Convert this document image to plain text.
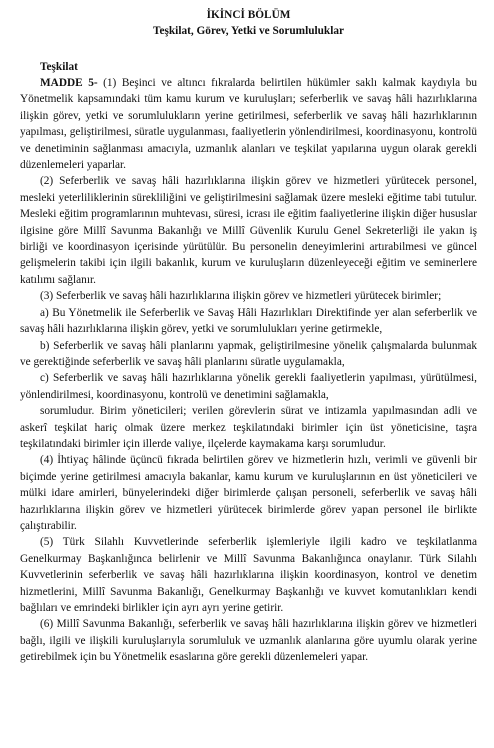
İKİNCİ BÖLÜM

Teşkilat, Görev, Yetki ve Sorumluluklar

Teşkilat

MADDE 5- (1) Beşinci ve altıncı fıkralarda belirtilen hükümler saklı kalmak kaydıyla bu Yönetmelik kapsamındaki tüm kamu kurum ve kuruluşları; seferberlik ve savaş hâli hazırlıklarına ilişkin görev, yetki ve sorumlulukların yerine getirilmesi, seferberlik ve savaş hâli hazırlıklarının yapılması, geliştirilmesi, süratle uygulanması, faaliyetlerin yönlendirilmesi, koordinasyonu, kontrolü ve denetiminin sağlanması amacıyla, uzmanlık alanları ve teşkilat yapılarına uygun olarak gerekli düzenlemeleri yaparlar.

(2) Seferberlik ve savaş hâli hazırlıklarına ilişkin görev ve hizmetleri yürütecek personel, mesleki yeterliliklerinin sürekliliğini ve geliştirilmesini sağlamak üzere mesleki eğitime tabi tutulur. Mesleki eğitim programlarının muhtevası, süresi, icrası ile eğitim faaliyetlerine ilişkin diğer hususlar ilgisine göre Millî Savunma Bakanlığı ve Millî Güvenlik Kurulu Genel Sekreterliği ile yakın iş birliği ve koordinasyon içerisinde yürütülür. Bu personelin deneyimlerini artırabilmesi ve güncel gelişmelerin takibi için ilgili bakanlık, kurum ve kuruluşların düzenleyeceği eğitim ve seminerlere katılımı sağlanır.

(3) Seferberlik ve savaş hâli hazırlıklarına ilişkin görev ve hizmetleri yürütecek birimler;

a) Bu Yönetmelik ile Seferberlik ve Savaş Hâli Hazırlıkları Direktifinde yer alan seferberlik ve savaş hâli hazırlıklarına ilişkin görev, yetki ve sorumlulukları yerine getirmekle,

b) Seferberlik ve savaş hâli planlarını yapmak, geliştirilmesine yönelik çalışmalarda bulunmak ve gerektiğinde seferberlik ve savaş hâli planlarını süratle uygulamakla,

c) Seferberlik ve savaş hâli hazırlıklarına yönelik gerekli faaliyetlerin yapılması, yürütülmesi, yönlendirilmesi, koordinasyonu, kontrolü ve denetimini sağlamakla,

sorumludur. Birim yöneticileri; verilen görevlerin sürat ve intizamla yapılmasından adli ve askerî teşkilat hariç olmak üzere merkez teşkilatındaki birimler için üst yöneticisine, taşra teşkilatındaki birimler için illerde valiye, ilçelerde kaymakama karşı sorumludur.

(4) İhtiyaç hâlinde üçüncü fıkrada belirtilen görev ve hizmetlerin hızlı, verimli ve güvenli bir biçimde yerine getirilmesi amacıyla bakanlar, kamu kurum ve kuruluşlarının en üst yöneticileri ve mülki idare amirleri, bünyelerindeki diğer birimlerde çalışan personeli, seferberlik ve savaş hâli hazırlıklarına ilişkin görev ve hizmetleri yürütecek birimlerde görev yapan personel ile birlikte çalıştırabilir.

(5) Türk Silahlı Kuvvetlerinde seferberlik işlemleriyle ilgili kadro ve teşkilatlanma Genelkurmay Başkanlığınca belirlenir ve Millî Savunma Bakanlığınca onaylanır. Türk Silahlı Kuvvetlerinin seferberlik ve savaş hâli hazırlıklarına ilişkin koordinasyon, kontrol ve denetim hizmetlerini, Millî Savunma Bakanlığı, Genelkurmay Başkanlığı ve kuvvet komutanlıkları kendi bağlıları ve emrindeki birlikler için ayrı ayrı yerine getirir.

(6) Millî Savunma Bakanlığı, seferberlik ve savaş hâli hazırlıklarına ilişkin görev ve hizmetleri bağlı, ilgili ve ilişkili kuruluşlarıyla sorumluluk ve uzmanlık alanlarına göre uyumlu olarak yerine getirebilmek için bu Yönetmelik esaslarına göre gerekli düzenlemeleri yapar.
